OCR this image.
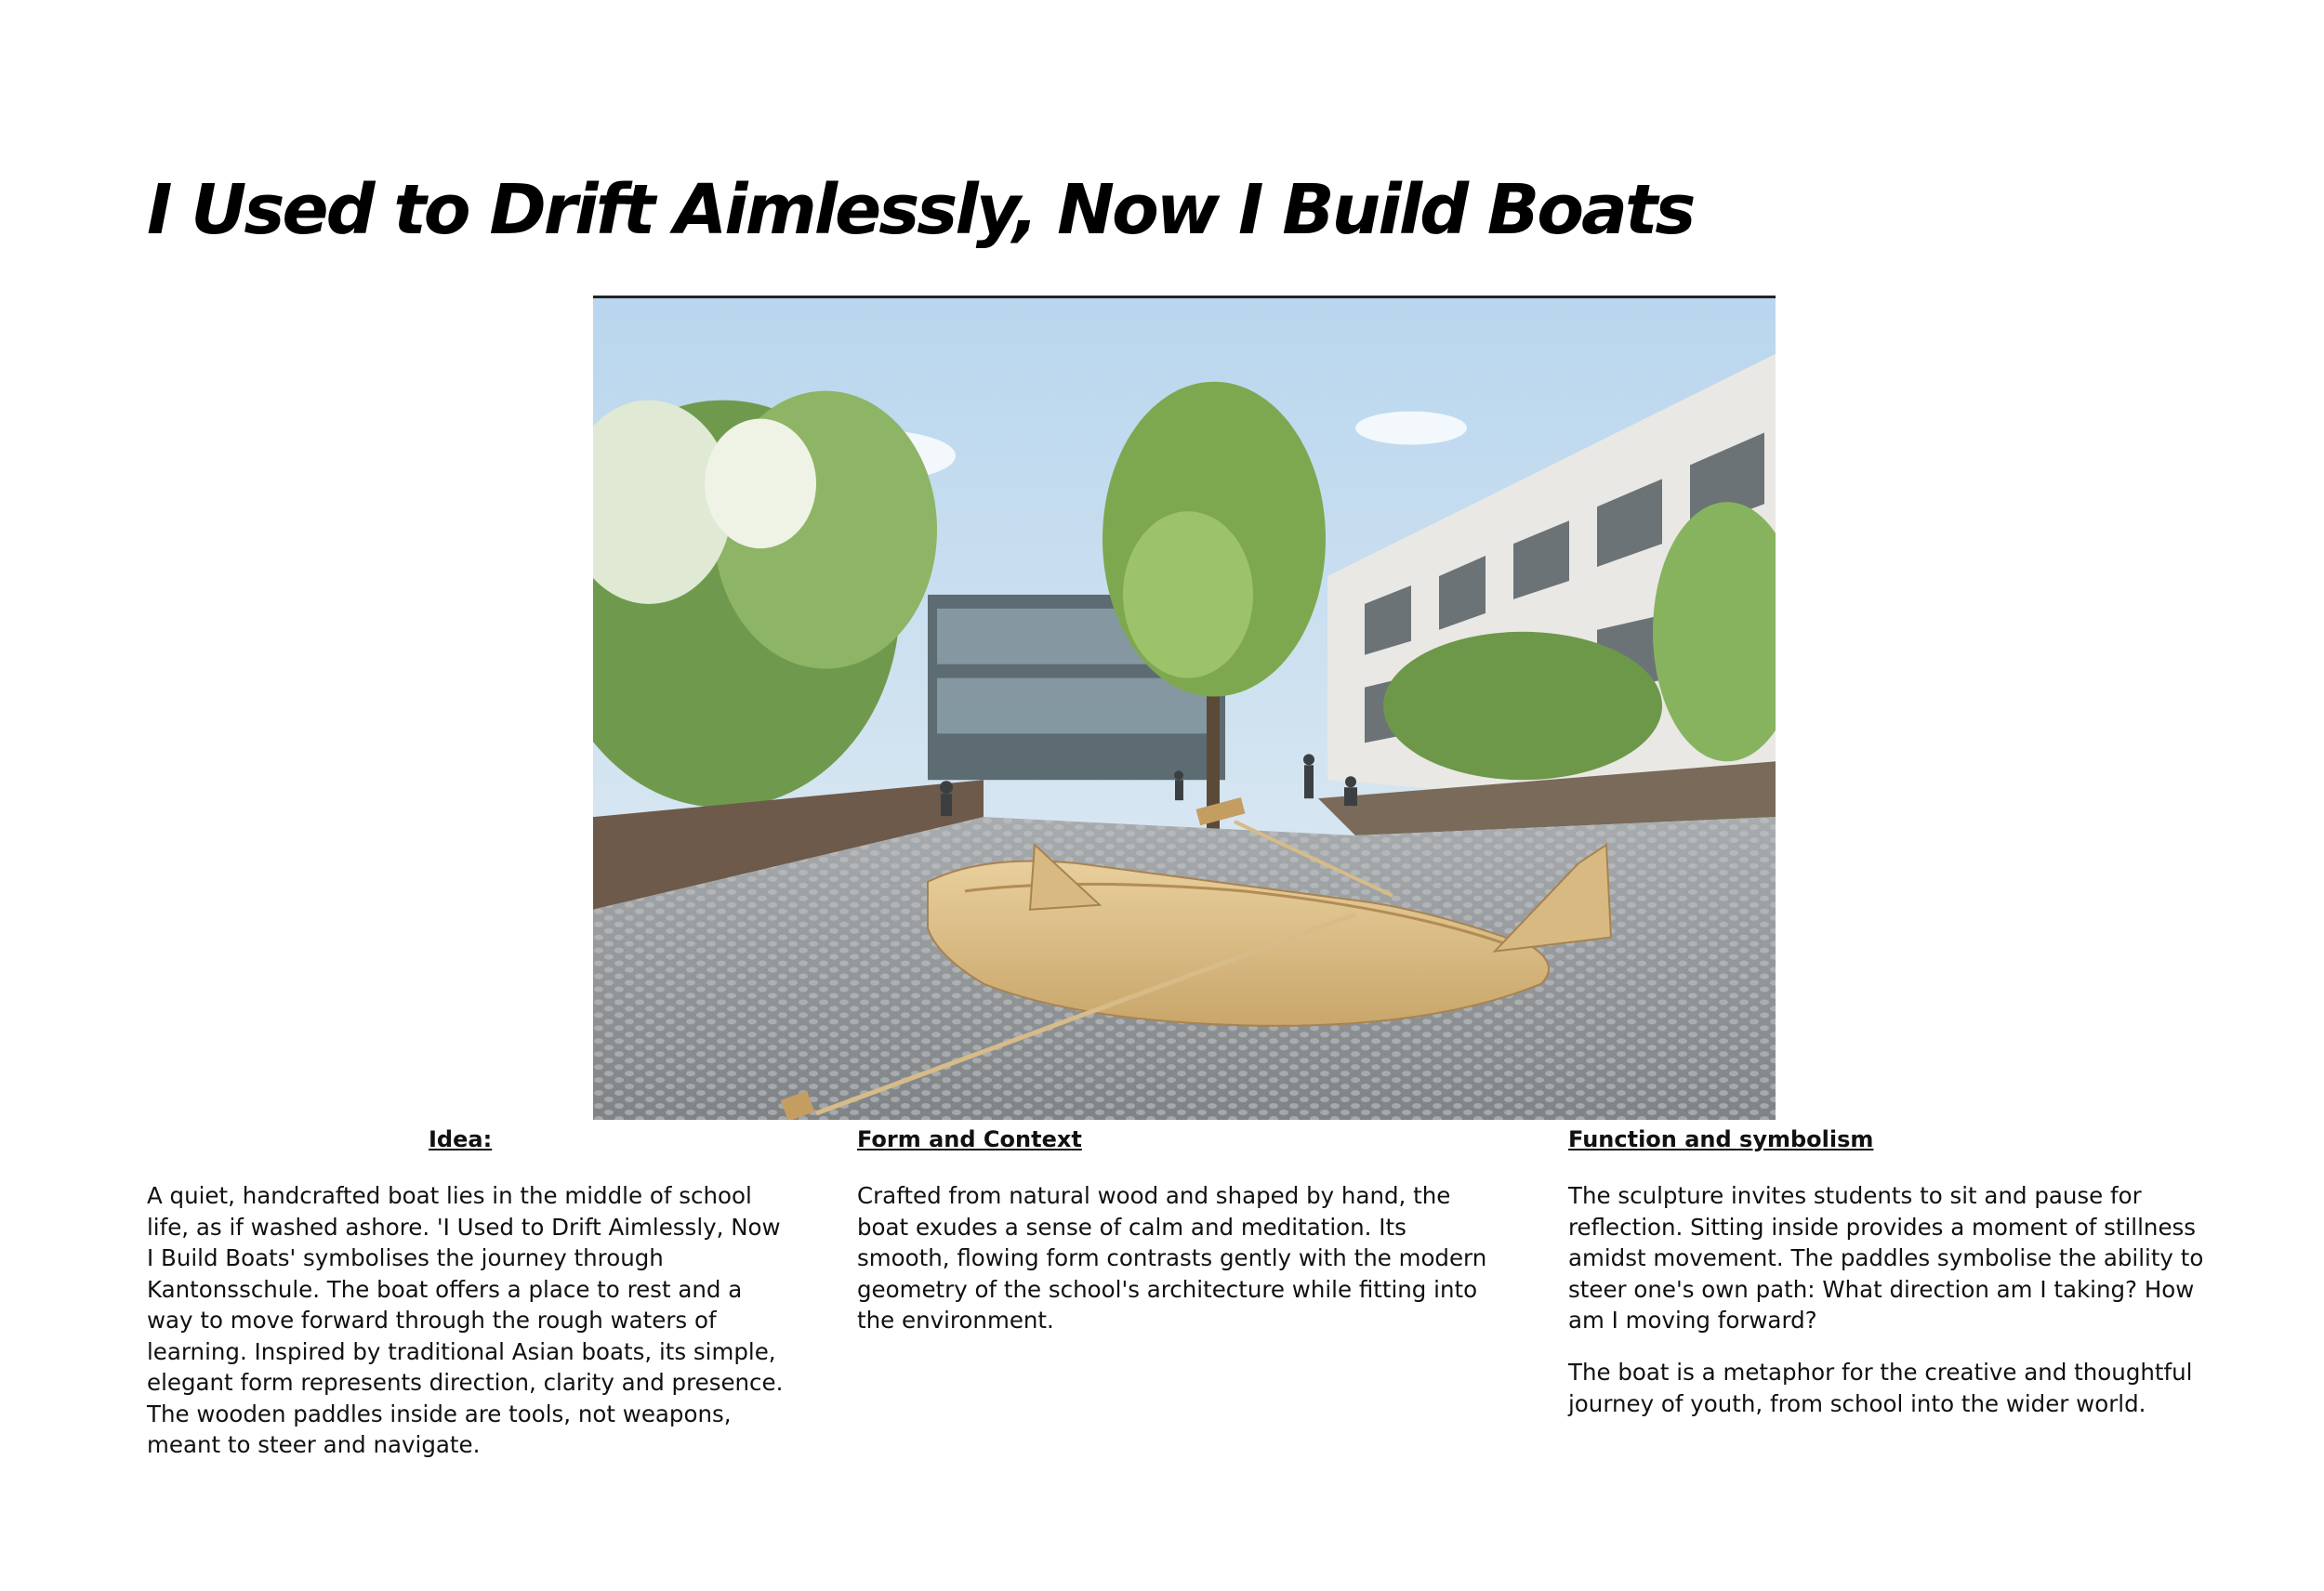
I Used to Drift Aimlessly, Now I Build Boats
Idea:
A quiet, handcrafted boat lies in the middle of school
life, as if washed ashore. 'I Used to Drift Aimlessly, Now
I Build Boats' symbolises the journey through
Kantonsschule. The boat offers a place to rest and a
way to move forward through the rough waters of
learning. Inspired by traditional Asian boats, its simple,
elegant form represents direction, clarity and presence.
The wooden paddles inside are tools, not weapons,
meant to steer and navigate.
Form and Context
Crafted from natural wood and shaped by hand, the
boat exudes a sense of calm and meditation. Its
smooth, flowing form contrasts gently with the modern
geometry of the school's architecture while fitting into
the environment.
Function and symbolism
The sculpture invites students to sit and pause for
reflection. Sitting inside provides a moment of stillness
amidst movement. The paddles symbolise the ability to
steer one's own path: What direction am I taking? How
am I moving forward?
The boat is a metaphor for the creative and thoughtful
journey of youth, from school into the wider world.
